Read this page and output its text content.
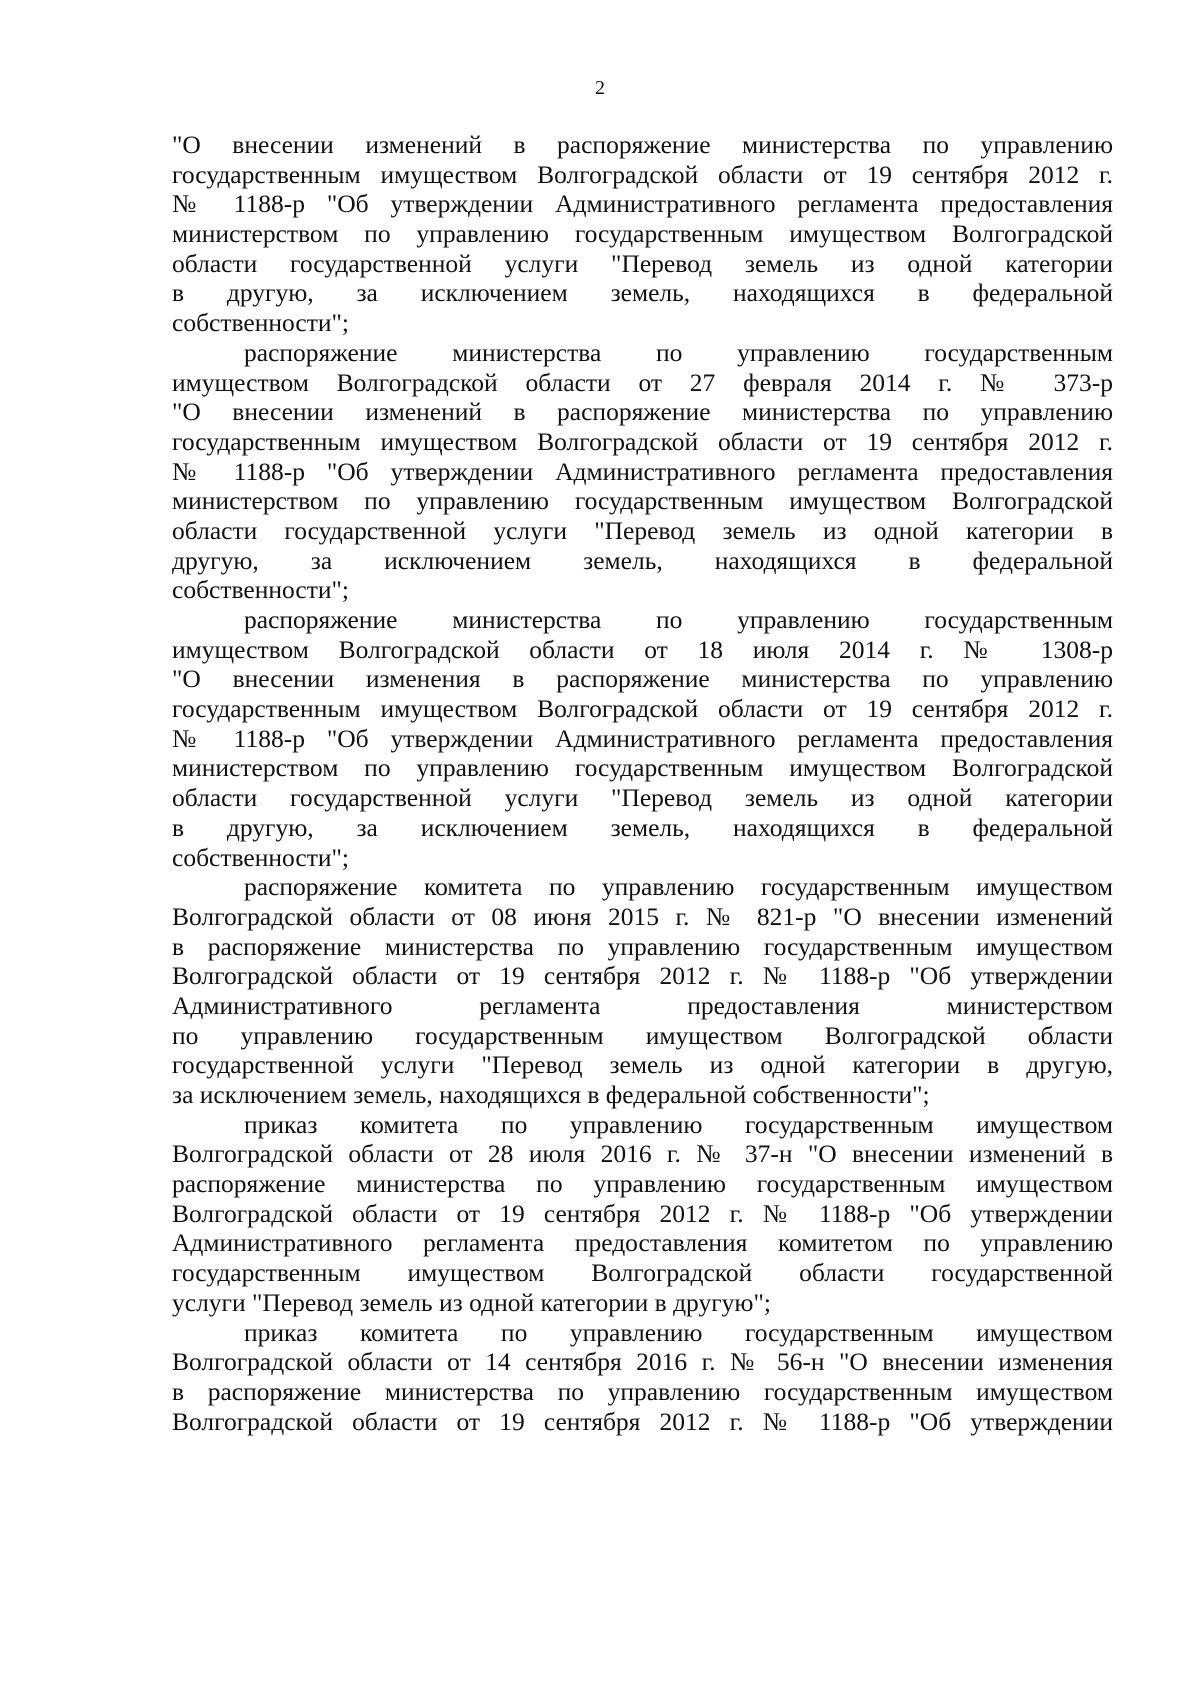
2
"О внесении изменений в распоряжение министерства по управлению
государственным имуществом Волгоградской области от 19 сентября 2012 г.
№ 1188-р "Об утверждении Административного регламента предоставления
министерством по управлению государственным имуществом Волгоградской
области государственной услуги "Перевод земель из одной категории
в другую, за исключением земель, находящихся в федеральной
собственности";
распоряжение министерства по управлению государственным
имуществом Волгоградской области от 27 февраля 2014 г. № 373-р
"О внесении изменений в распоряжение министерства по управлению
государственным имуществом Волгоградской области от 19 сентября 2012 г.
№ 1188-р "Об утверждении Административного регламента предоставления
министерством по управлению государственным имуществом Волгоградской
области государственной услуги "Перевод земель из одной категории в
другую, за исключением земель, находящихся в федеральной
собственности";
распоряжение министерства по управлению государственным
имуществом Волгоградской области от 18 июля 2014 г. № 1308-р
"О внесении изменения в распоряжение министерства по управлению
государственным имуществом Волгоградской области от 19 сентября 2012 г.
№ 1188-р "Об утверждении Административного регламента предоставления
министерством по управлению государственным имуществом Волгоградской
области государственной услуги "Перевод земель из одной категории
в другую, за исключением земель, находящихся в федеральной
собственности";
распоряжение комитета по управлению государственным имуществом
Волгоградской области от 08 июня 2015 г. № 821-р "О внесении изменений
в распоряжение министерства по управлению государственным имуществом
Волгоградской области от 19 сентября 2012 г. № 1188-р "Об утверждении
Административного регламента предоставления министерством
по управлению государственным имуществом Волгоградской области
государственной услуги "Перевод земель из одной категории в другую,
за исключением земель, находящихся в федеральной собственности";
приказ комитета по управлению государственным имуществом
Волгоградской области от 28 июля 2016 г. № 37-н "О внесении изменений в
распоряжение министерства по управлению государственным имуществом
Волгоградской области от 19 сентября 2012 г. № 1188-р "Об утверждении
Административного регламента предоставления комитетом по управлению
государственным имуществом Волгоградской области государственной
услуги "Перевод земель из одной категории в другую";
приказ комитета по управлению государственным имуществом
Волгоградской области от 14 сентября 2016 г. № 56-н "О внесении изменения
в распоряжение министерства по управлению государственным имуществом
Волгоградской области от 19 сентября 2012 г. № 1188-р "Об утверждении
